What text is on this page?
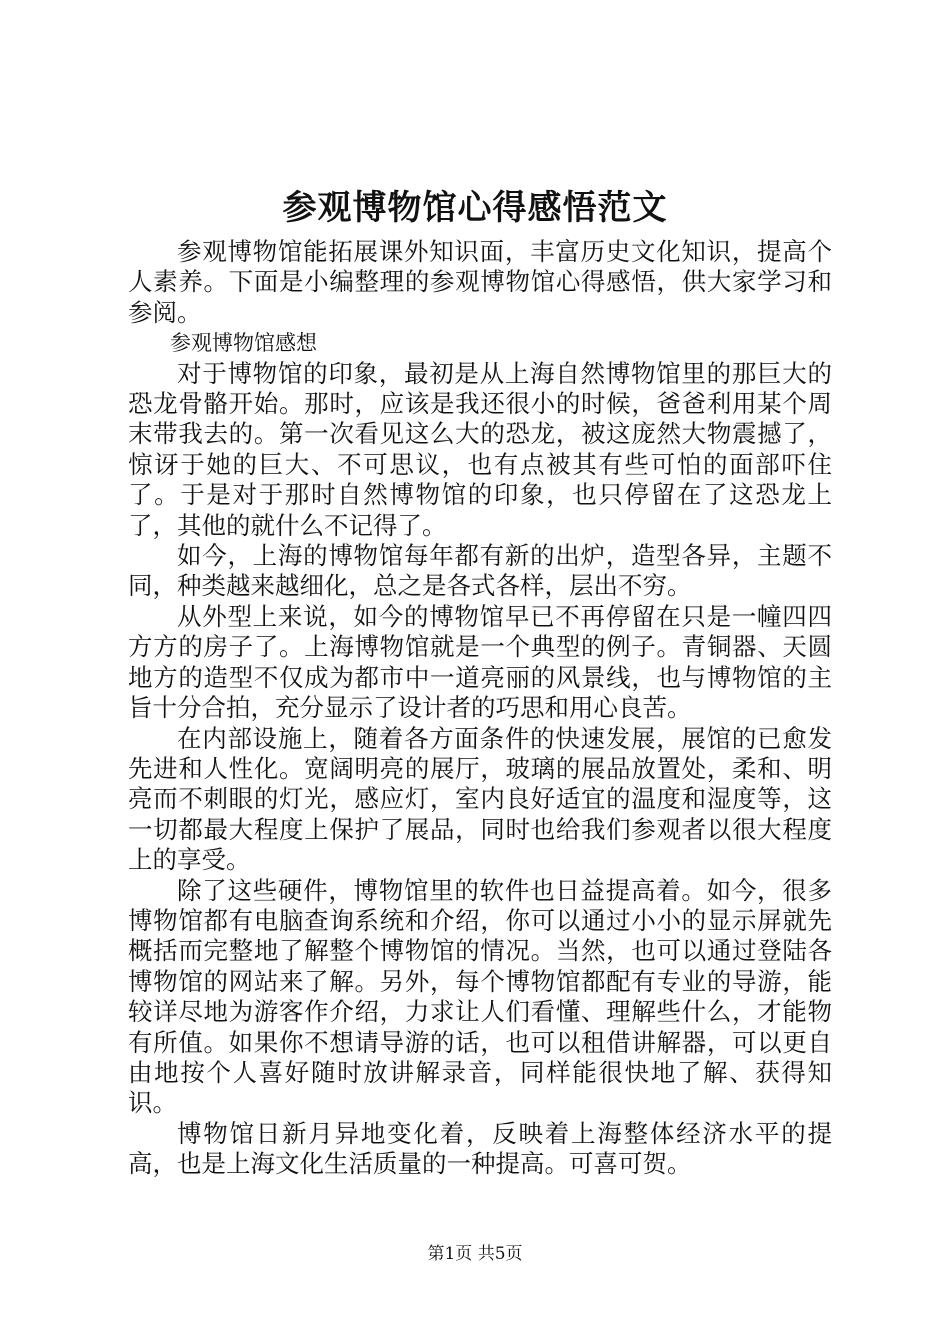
参观博物馆心得感悟范文

参观博物馆能拓展课外知识面，丰富历史文化知识，提高个人素养。下面是小编整理的参观博物馆心得感悟，供大家学习和参阅。

参观博物馆感想

对于博物馆的印象，最初是从上海自然博物馆里的那巨大的恐龙骨骼开始。那时，应该是我还很小的时候，爸爸利用某个周末带我去的。第一次看见这么大的恐龙，被这庞然大物震撼了，惊讶于她的巨大、不可思议，也有点被其有些可怕的面部吓住了。于是对于那时自然博物馆的印象，也只停留在了这恐龙上了，其他的就什么不记得了。

如今，上海的博物馆每年都有新的出炉，造型各异，主题不同，种类越来越细化，总之是各式各样，层出不穷。

从外型上来说，如今的博物馆早已不再停留在只是一幢四四方方的房子了。上海博物馆就是一个典型的例子。青铜器、天圆地方的造型不仅成为都市中一道亮丽的风景线，也与博物馆的主旨十分合拍，充分显示了设计者的巧思和用心良苦。

在内部设施上，随着各方面条件的快速发展，展馆的已愈发先进和人性化。宽阔明亮的展厅，玻璃的展品放置处，柔和、明亮而不刺眼的灯光，感应灯，室内良好适宜的温度和湿度等，这一切都最大程度上保护了展品，同时也给我们参观者以很大程度上的享受。

除了这些硬件，博物馆里的软件也日益提高着。如今，很多博物馆都有电脑查询系统和介绍，你可以通过小小的显示屏就先概括而完整地了解整个博物馆的情况。当然，也可以通过登陆各博物馆的网站来了解。另外，每个博物馆都配有专业的导游，能较详尽地为游客作介绍，力求让人们看懂、理解些什么，才能物有所值。如果你不想请导游的话，也可以租借讲解器，可以更自由地按个人喜好随时放讲解录音，同样能很快地了解、获得知识。

博物馆日新月异地变化着，反映着上海整体经济水平的提高，也是上海文化生活质量的一种提高。可喜可贺。

第1页 共5页
